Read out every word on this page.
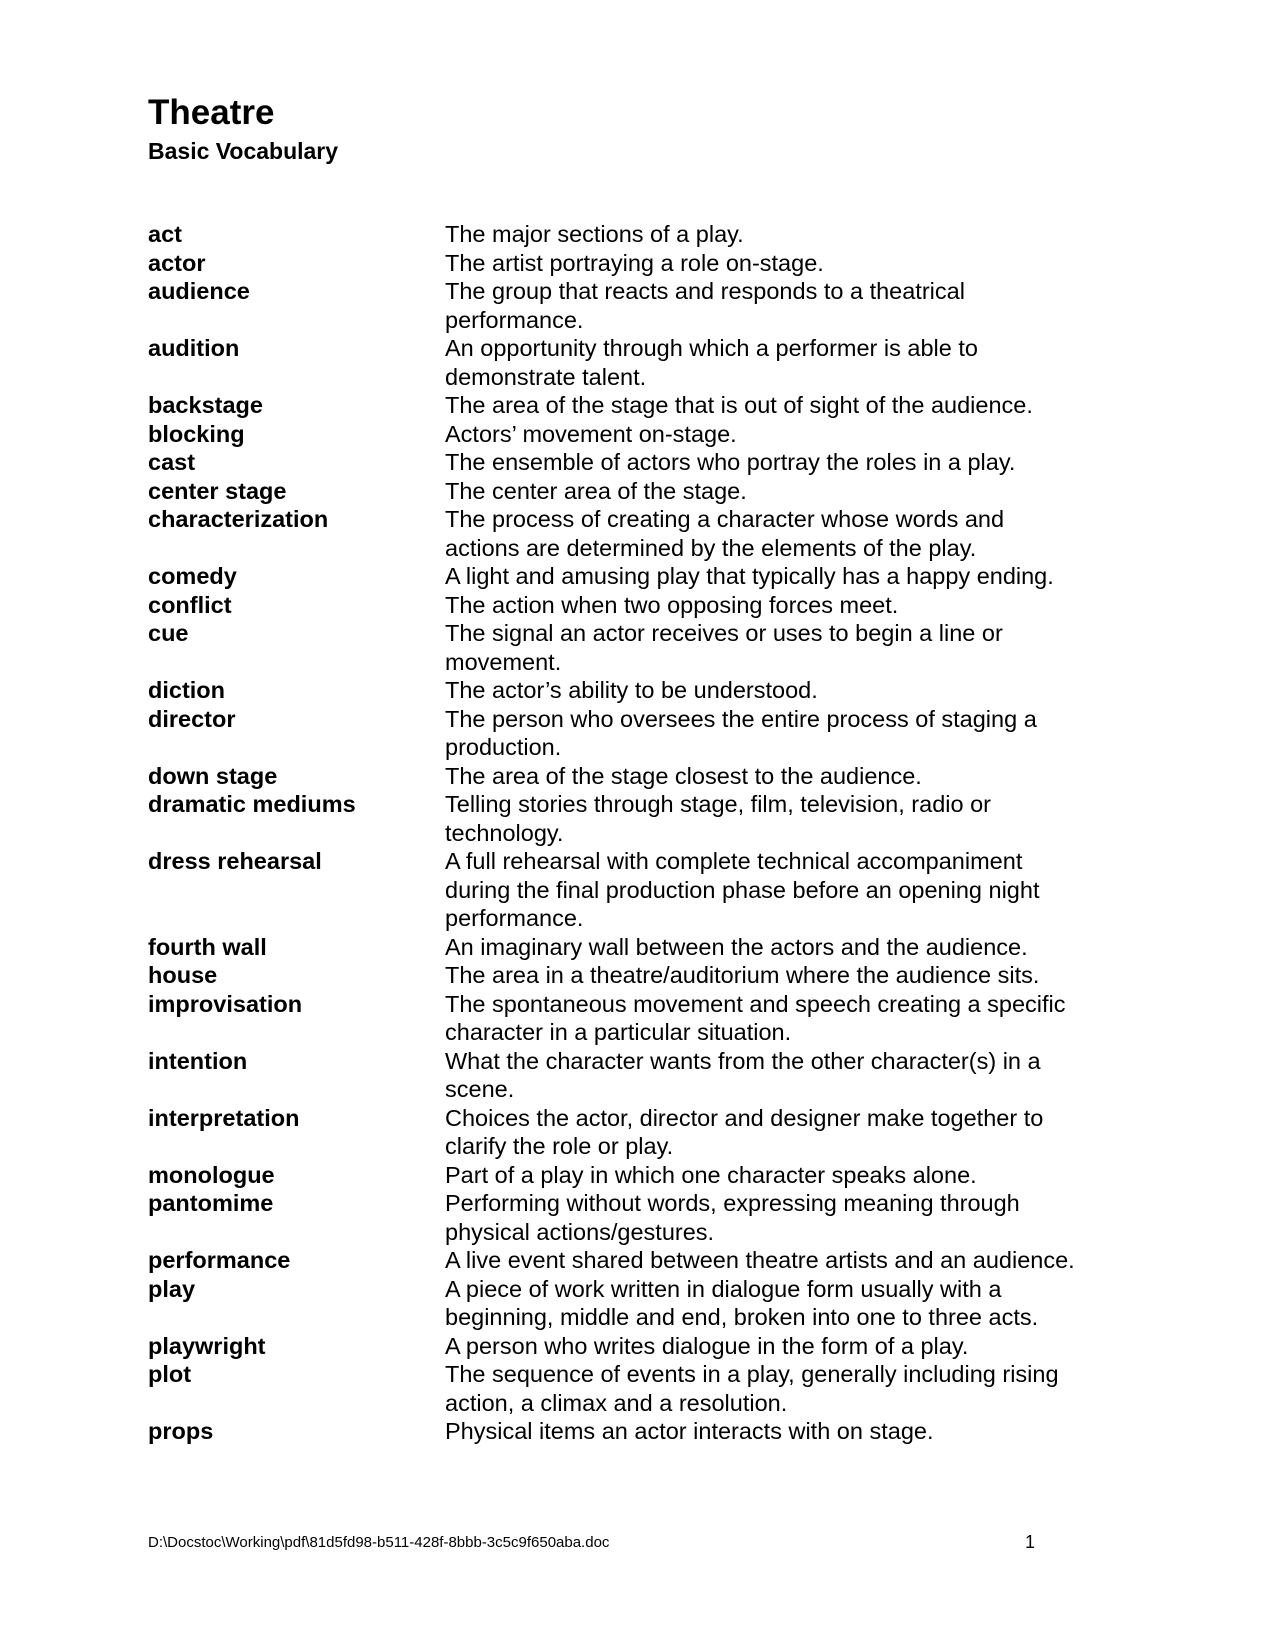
Theatre
Basic Vocabulary
act	The major sections of a play.
actor	The artist portraying a role on-stage.
audience	The group that reacts and responds to a theatrical
performance.
audition	An opportunity through which a performer is able to
demonstrate talent.
backstage	The area of the stage that is out of sight of the audience.
blocking	Actors’ movement on-stage.
cast	The ensemble of actors who portray the roles in a play.
center stage	The center area of the stage.
characterization	The process of creating a character whose words and
actions are determined by the elements of the play.
comedy	A light and amusing play that typically has a happy ending.
conflict	The action when two opposing forces meet.
cue	The signal an actor receives or uses to begin a line or
movement.
diction	The actor’s ability to be understood.
director	The person who oversees the entire process of staging a
production.
down stage	The area of the stage closest to the audience.
dramatic mediums	Telling stories through stage, film, television, radio or
technology.
dress rehearsal	A full rehearsal with complete technical accompaniment
during the final production phase before an opening night
performance.
fourth wall	An imaginary wall between the actors and the audience.
house	The area in a theatre/auditorium where the audience sits.
improvisation	The spontaneous movement and speech creating a specific
character in a particular situation.
intention	What the character wants from the other character(s) in a
scene.
interpretation	Choices the actor, director and designer make together to
clarify the role or play.
monologue	Part of a play in which one character speaks alone.
pantomime	Performing without words, expressing meaning through
physical actions/gestures.
performance	A live event shared between theatre artists and an audience.
play	A piece of work written in dialogue form usually with a
beginning, middle and end, broken into one to three acts.
playwright	A person who writes dialogue in the form of a play.
plot	The sequence of events in a play, generally including rising
action, a climax and a resolution.
props	Physical items an actor interacts with on stage.
D:\Docstoc\Working\pdf\81d5fd98-b511-428f-8bbb-3c5c9f650aba.doc	1
